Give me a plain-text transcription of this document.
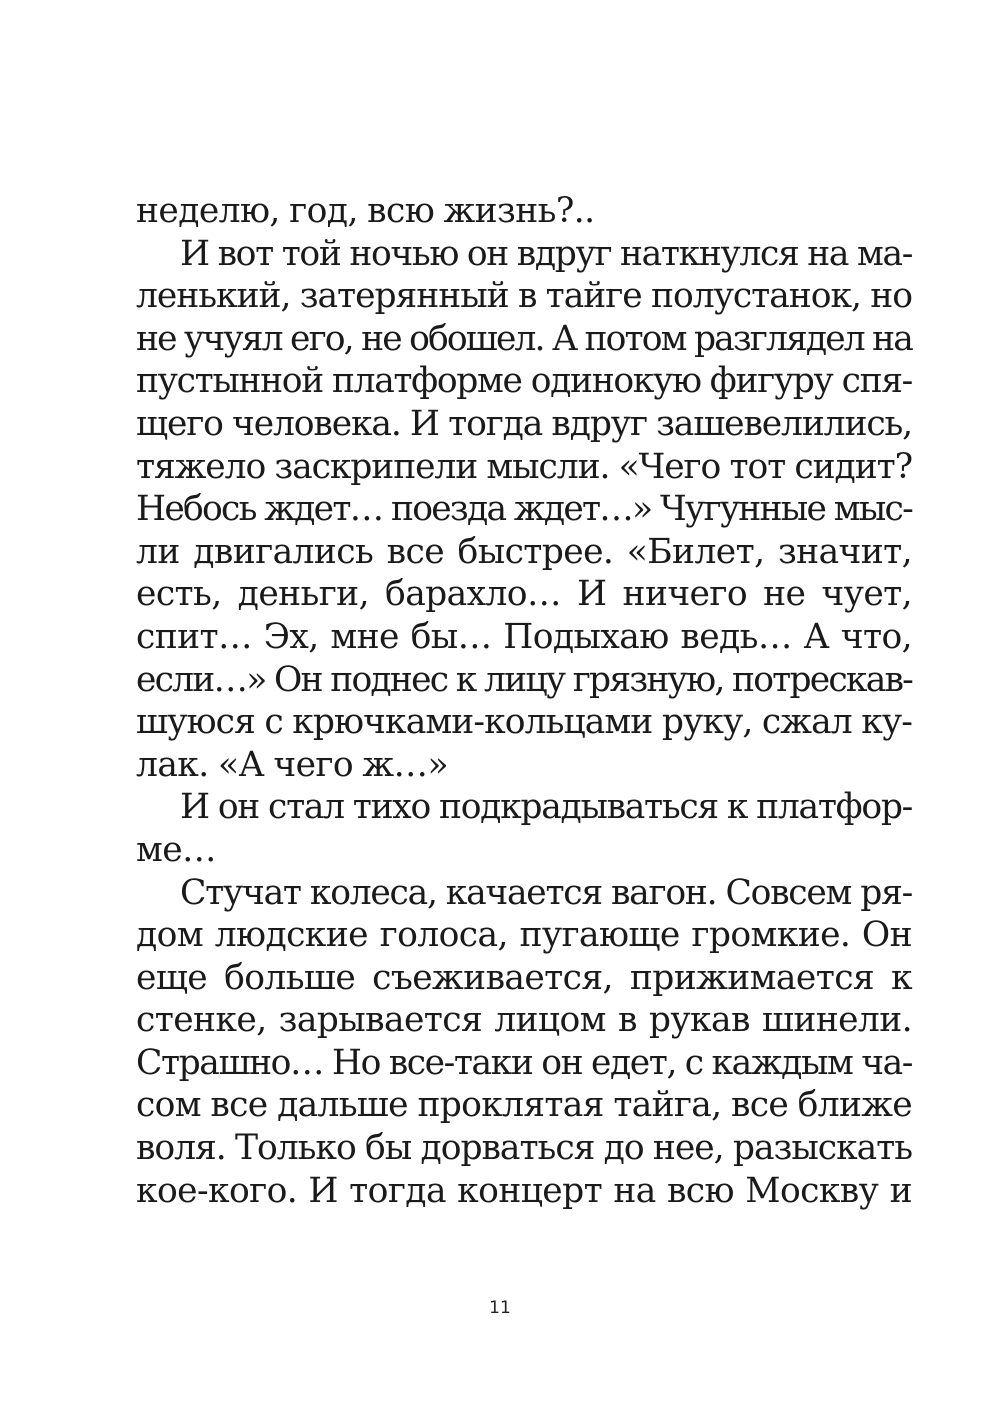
неделю, год, всю жизнь?..
И вот той ночью он вдруг наткнулся на ма-
ленький, затерянный в тайге полустанок, но
не учуял его, не обошел. А потом разглядел на
пустынной платформе одинокую фигуру спя-
щего человека. И тогда вдруг зашевелились,
тяжело заскрипели мысли. «Чего тот сидит?
Небось ждет… поезда ждет…» Чугунные мыс-
ли двигались все быстрее. «Билет, значит,
есть, деньги, барахло… И ничего не чует,
спит… Эх, мне бы… Подыхаю ведь… А что,
если…» Он поднес к лицу грязную, потрескав-
шуюся с крючками-кольцами руку, сжал ку-
лак. «А чего ж…»
И он стал тихо подкрадываться к платфор-
ме…
Стучат колеса, качается вагон. Совсем ря-
дом людские голоса, пугающе громкие. Он
еще больше съеживается, прижимается к
стенке, зарывается лицом в рукав шинели.
Страшно… Но все-таки он едет, с каждым ча-
сом все дальше проклятая тайга, все ближе
воля. Только бы дорваться до нее, разыскать
кое-кого. И тогда концерт на всю Москву и
11
